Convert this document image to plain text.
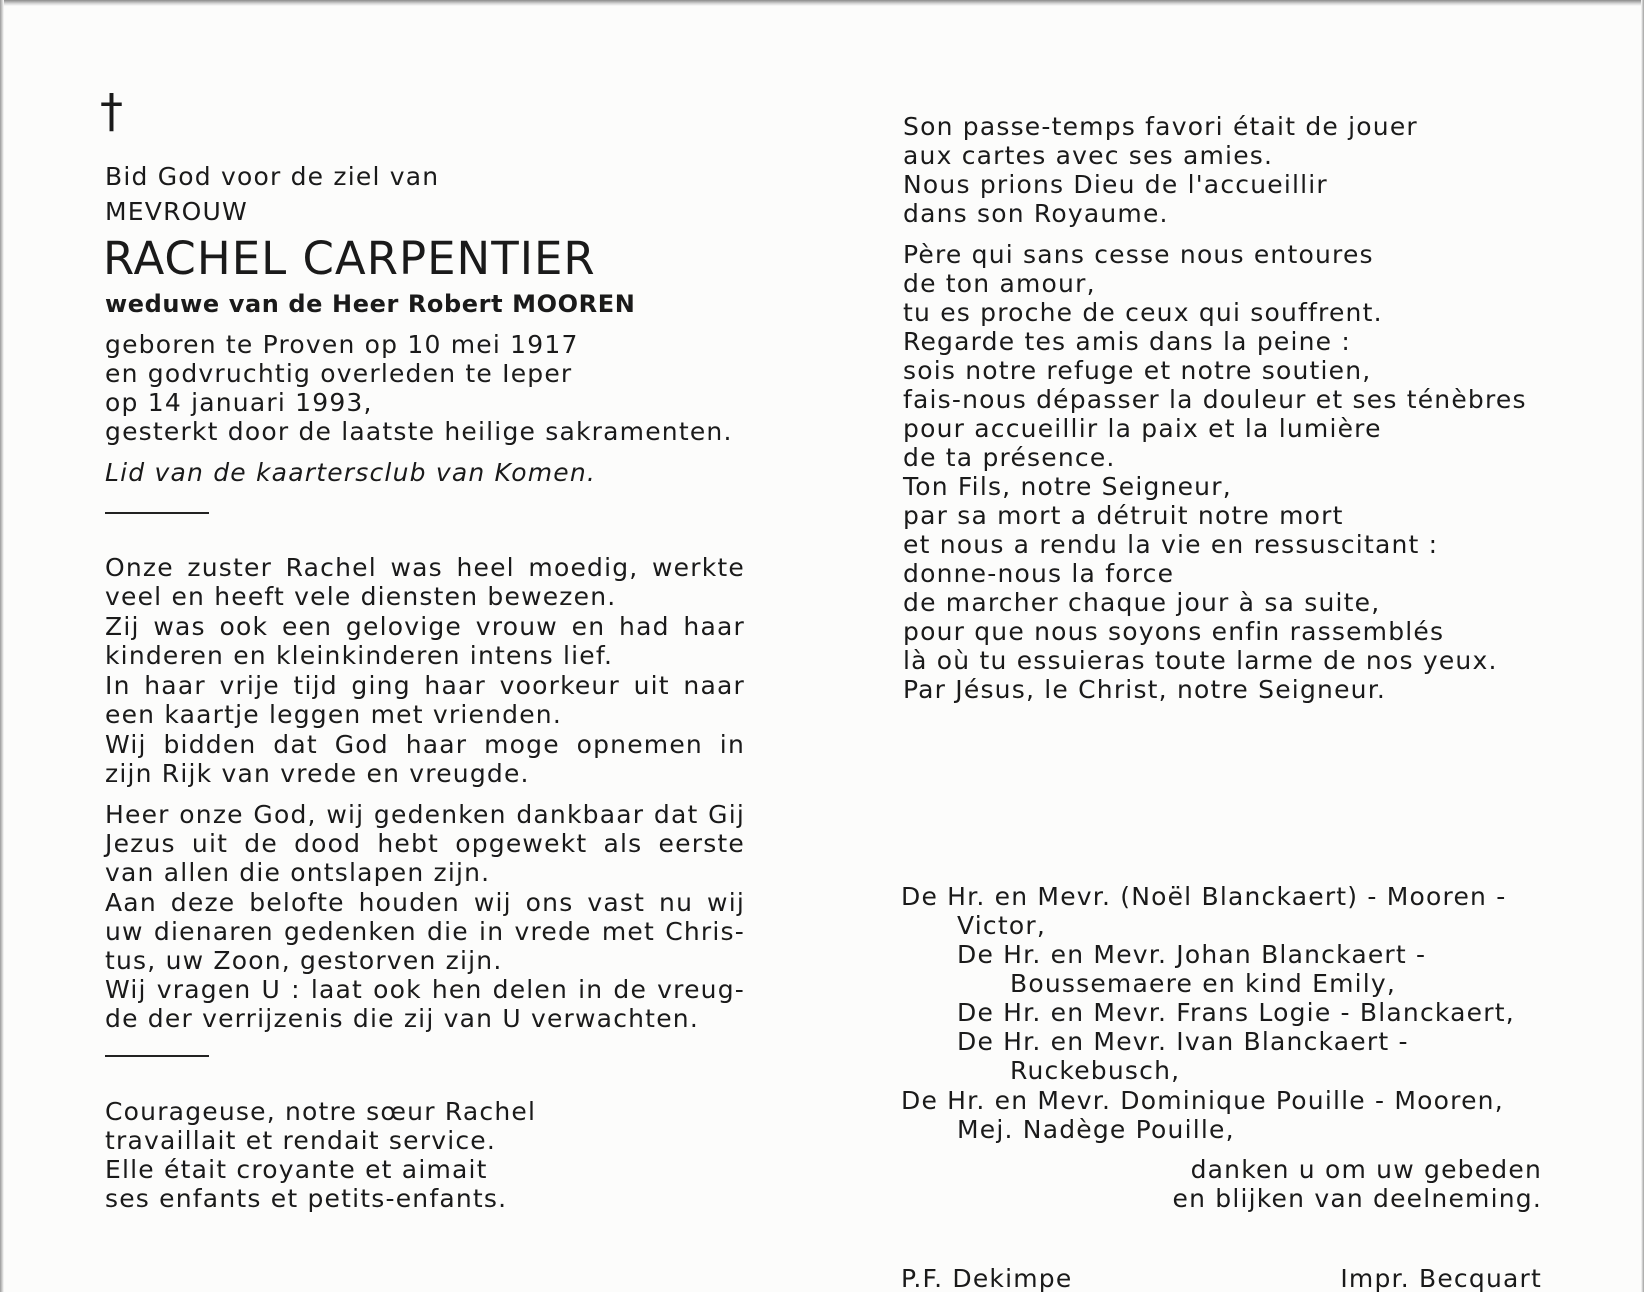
†
Bid God voor de ziel van
MEVROUW
RACHEL CARPENTIER
weduwe van de Heer Robert MOOREN
geboren te Proven op 10 mei 1917
en godvruchtig overleden te Ieper
op 14 januari 1993,
gesterkt door de laatste heilige sakramenten.
Lid van de kaartersclub van Komen.
Onze zuster Rachel was heel moedig, werkte
veel en heeft vele diensten bewezen.
Zij was ook een gelovige vrouw en had haar
kinderen en kleinkinderen intens lief.
In haar vrije tijd ging haar voorkeur uit naar
een kaartje leggen met vrienden.
Wij bidden dat God haar moge opnemen in
zijn Rijk van vrede en vreugde.
Heer onze God, wij gedenken dankbaar dat Gij
Jezus uit de dood hebt opgewekt als eerste
van allen die ontslapen zijn.
Aan deze belofte houden wij ons vast nu wij
uw dienaren gedenken die in vrede met Chris-
tus, uw Zoon, gestorven zijn.
Wij vragen U : laat ook hen delen in de vreug-
de der verrijzenis die zij van U verwachten.
Courageuse, notre sœur Rachel
travaillait et rendait service.
Elle était croyante et aimait
ses enfants et petits-enfants.
Son passe-temps favori était de jouer
aux cartes avec ses amies.
Nous prions Dieu de l'accueillir
dans son Royaume.
Père qui sans cesse nous entoures
de ton amour,
tu es proche de ceux qui souffrent.
Regarde tes amis dans la peine :
sois notre refuge et notre soutien,
fais-nous dépasser la douleur et ses ténèbres
pour accueillir la paix et la lumière
de ta présence.
Ton Fils, notre Seigneur,
par sa mort a détruit notre mort
et nous a rendu la vie en ressuscitant :
donne-nous la force
de marcher chaque jour à sa suite,
pour que nous soyons enfin rassemblés
là où tu essuieras toute larme de nos yeux.
Par Jésus, le Christ, notre Seigneur.
De Hr. en Mevr. (Noël Blanckaert) - Mooren -
Victor,
De Hr. en Mevr. Johan Blanckaert -
Boussemaere en kind Emily,
De Hr. en Mevr. Frans Logie - Blanckaert,
De Hr. en Mevr. Ivan Blanckaert -
Ruckebusch,
De Hr. en Mevr. Dominique Pouille - Mooren,
Mej. Nadège Pouille,
danken u om uw gebeden
en blijken van deelneming.
P.F. Dekimpe	Impr. Becquart
